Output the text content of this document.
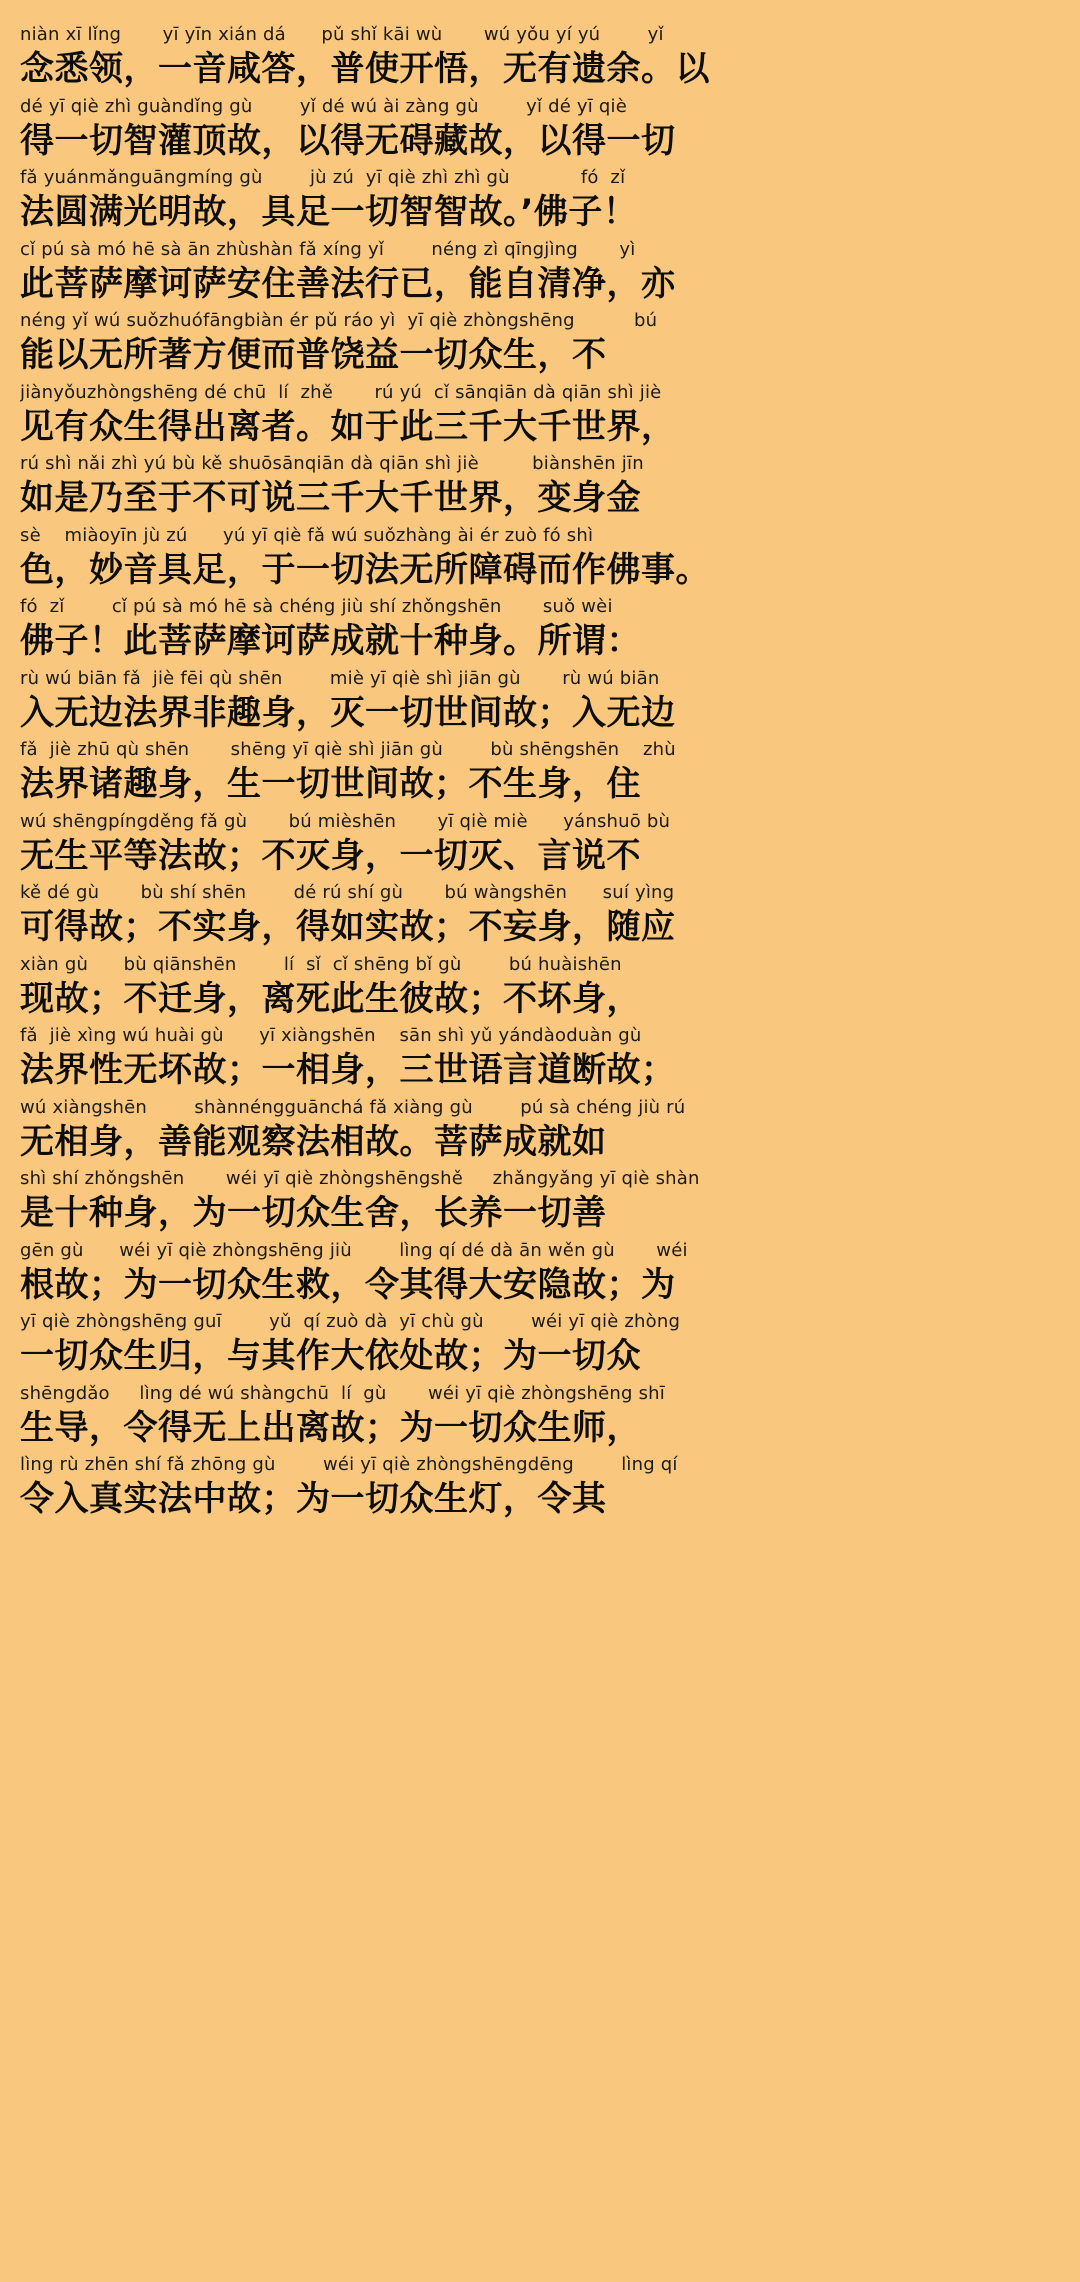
niàn xī lǐng       yī yīn xián dá      pǔ shǐ kāi wù       wú yǒu yí yú        yǐ
念悉领，一音咸答，普使开悟，无有遗余。以
dé yī qiè zhì guàndǐng gù        yǐ dé wú ài zàng gù        yǐ dé yī qiè
得一切智灌顶故，以得无碍藏故，以得一切
fǎ yuánmǎnguāngmíng gù        jù zú  yī qiè zhì zhì gù            fó  zǐ
法圆满光明故，具足一切智智故。’佛子！
cǐ pú sà mó hē sà ān zhùshàn fǎ xíng yǐ        néng zì qīngjìng       yì
此菩萨摩诃萨安住善法行已，能自清净，亦
néng yǐ wú suǒzhuófāngbiàn ér pǔ ráo yì  yī qiè zhòngshēng          bú
能以无所著方便而普饶益一切众生，不
jiànyǒuzhòngshēng dé chū  lí  zhě       rú yú  cǐ sānqiān dà qiān shì jiè
见有众生得出离者。如于此三千大千世界，
rú shì nǎi zhì yú bù kě shuōsānqiān dà qiān shì jiè         biànshēn jīn
如是乃至于不可说三千大千世界，变身金
sè    miàoyīn jù zú      yú yī qiè fǎ wú suǒzhàng ài ér zuò fó shì
色，妙音具足，于一切法无所障碍而作佛事。
fó  zǐ        cǐ pú sà mó hē sà chéng jiù shí zhǒngshēn       suǒ wèi
佛子！此菩萨摩诃萨成就十种身。所谓：
rù wú biān fǎ  jiè fēi qù shēn        miè yī qiè shì jiān gù       rù wú biān
入无边法界非趣身，灭一切世间故；入无边
fǎ  jiè zhū qù shēn       shēng yī qiè shì jiān gù        bù shēngshēn    zhù
法界诸趣身，生一切世间故；不生身，住
wú shēngpíngděng fǎ gù       bú mièshēn       yī qiè miè      yánshuō bù
无生平等法故；不灭身，一切灭、言说不
kě dé gù       bù shí shēn        dé rú shí gù       bú wàngshēn      suí yìng
可得故；不实身，得如实故；不妄身，随应
xiàn gù      bù qiānshēn        lí  sǐ  cǐ shēng bǐ gù        bú huàishēn
现故；不迁身，离死此生彼故；不坏身，
fǎ  jiè xìng wú huài gù      yī xiàngshēn    sān shì yǔ yándàoduàn gù
法界性无坏故；一相身，三世语言道断故；
wú xiàngshēn        shànnéngguānchá fǎ xiàng gù        pú sà chéng jiù rú
无相身，善能观察法相故。菩萨成就如
shì shí zhǒngshēn       wéi yī qiè zhòngshēngshě     zhǎngyǎng yī qiè shàn
是十种身，为一切众生舍，长养一切善
gēn gù      wéi yī qiè zhòngshēng jiù        lìng qí dé dà ān wěn gù       wéi
根故；为一切众生救，令其得大安隐故；为
yī qiè zhòngshēng guī        yǔ  qí zuò dà  yī chù gù        wéi yī qiè zhòng
一切众生归，与其作大依处故；为一切众
shēngdǎo     lìng dé wú shàngchū  lí  gù       wéi yī qiè zhòngshēng shī
生导，令得无上出离故；为一切众生师，
lìng rù zhēn shí fǎ zhōng gù        wéi yī qiè zhòngshēngdēng        lìng qí
令入真实法中故；为一切众生灯，令其
